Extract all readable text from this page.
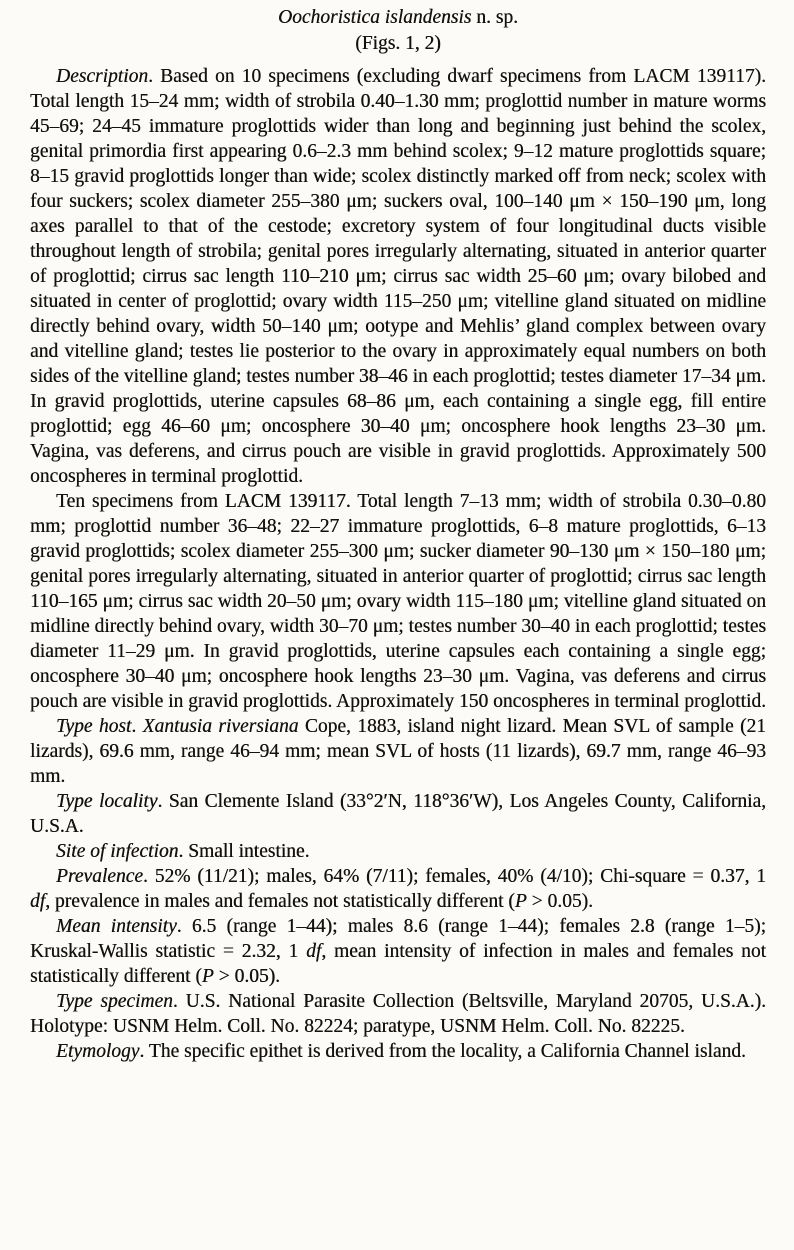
Oochoristica islandensis n. sp.
(Figs. 1, 2)

Description. Based on 10 specimens (excluding dwarf specimens from LACM 139117). Total length 15–24 mm; width of strobila 0.40–1.30 mm; proglottid number in mature worms 45–69; 24–45 immature proglottids wider than long and beginning just behind the scolex, genital primordia first appearing 0.6–2.3 mm behind scolex; 9–12 mature proglottids square; 8–15 gravid proglottids longer than wide; scolex distinctly marked off from neck; scolex with four suckers; scolex diameter 255–380 μm; suckers oval, 100–140 μm × 150–190 μm, long axes parallel to that of the cestode; excretory system of four longitudinal ducts visible throughout length of strobila; genital pores irregularly alternating, situated in anterior quarter of proglottid; cirrus sac length 110–210 μm; cirrus sac width 25–60 μm; ovary bilobed and situated in center of proglottid; ovary width 115–250 μm; vitelline gland situated on midline directly behind ovary, width 50–140 μm; ootype and Mehlis’ gland complex between ovary and vitelline gland; testes lie posterior to the ovary in approximately equal numbers on both sides of the vitelline gland; testes number 38–46 in each proglottid; testes diameter 17–34 μm. In gravid proglottids, uterine capsules 68–86 μm, each containing a single egg, fill entire proglottid; egg 46–60 μm; oncosphere 30–40 μm; oncosphere hook lengths 23–30 μm. Vagina, vas deferens, and cirrus pouch are visible in gravid proglottids. Approximately 500 oncospheres in terminal proglottid.

Ten specimens from LACM 139117. Total length 7–13 mm; width of strobila 0.30–0.80 mm; proglottid number 36–48; 22–27 immature proglottids, 6–8 mature proglottids, 6–13 gravid proglottids; scolex diameter 255–300 μm; sucker diameter 90–130 μm × 150–180 μm; genital pores irregularly alternating, situated in anterior quarter of proglottid; cirrus sac length 110–165 μm; cirrus sac width 20–50 μm; ovary width 115–180 μm; vitelline gland situated on midline directly behind ovary, width 30–70 μm; testes number 30–40 in each proglottid; testes diameter 11–29 μm. In gravid proglottids, uterine capsules each containing a single egg; oncosphere 30–40 μm; oncosphere hook lengths 23–30 μm. Vagina, vas deferens and cirrus pouch are visible in gravid proglottids. Approximately 150 oncospheres in terminal proglottid.

Type host. Xantusia riversiana Cope, 1883, island night lizard. Mean SVL of sample (21 lizards), 69.6 mm, range 46–94 mm; mean SVL of hosts (11 lizards), 69.7 mm, range 46–93 mm.

Type locality. San Clemente Island (33°2′N, 118°36′W), Los Angeles County, California, U.S.A.

Site of infection. Small intestine.

Prevalence. 52% (11/21); males, 64% (7/11); females, 40% (4/10); Chi-square = 0.37, 1 df, prevalence in males and females not statistically different (P > 0.05).

Mean intensity. 6.5 (range 1–44); males 8.6 (range 1–44); females 2.8 (range 1–5); Kruskal-Wallis statistic = 2.32, 1 df, mean intensity of infection in males and females not statistically different (P > 0.05).

Type specimen. U.S. National Parasite Collection (Beltsville, Maryland 20705, U.S.A.). Holotype: USNM Helm. Coll. No. 82224; paratype, USNM Helm. Coll. No. 82225.

Etymology. The specific epithet is derived from the locality, a California Channel island.
